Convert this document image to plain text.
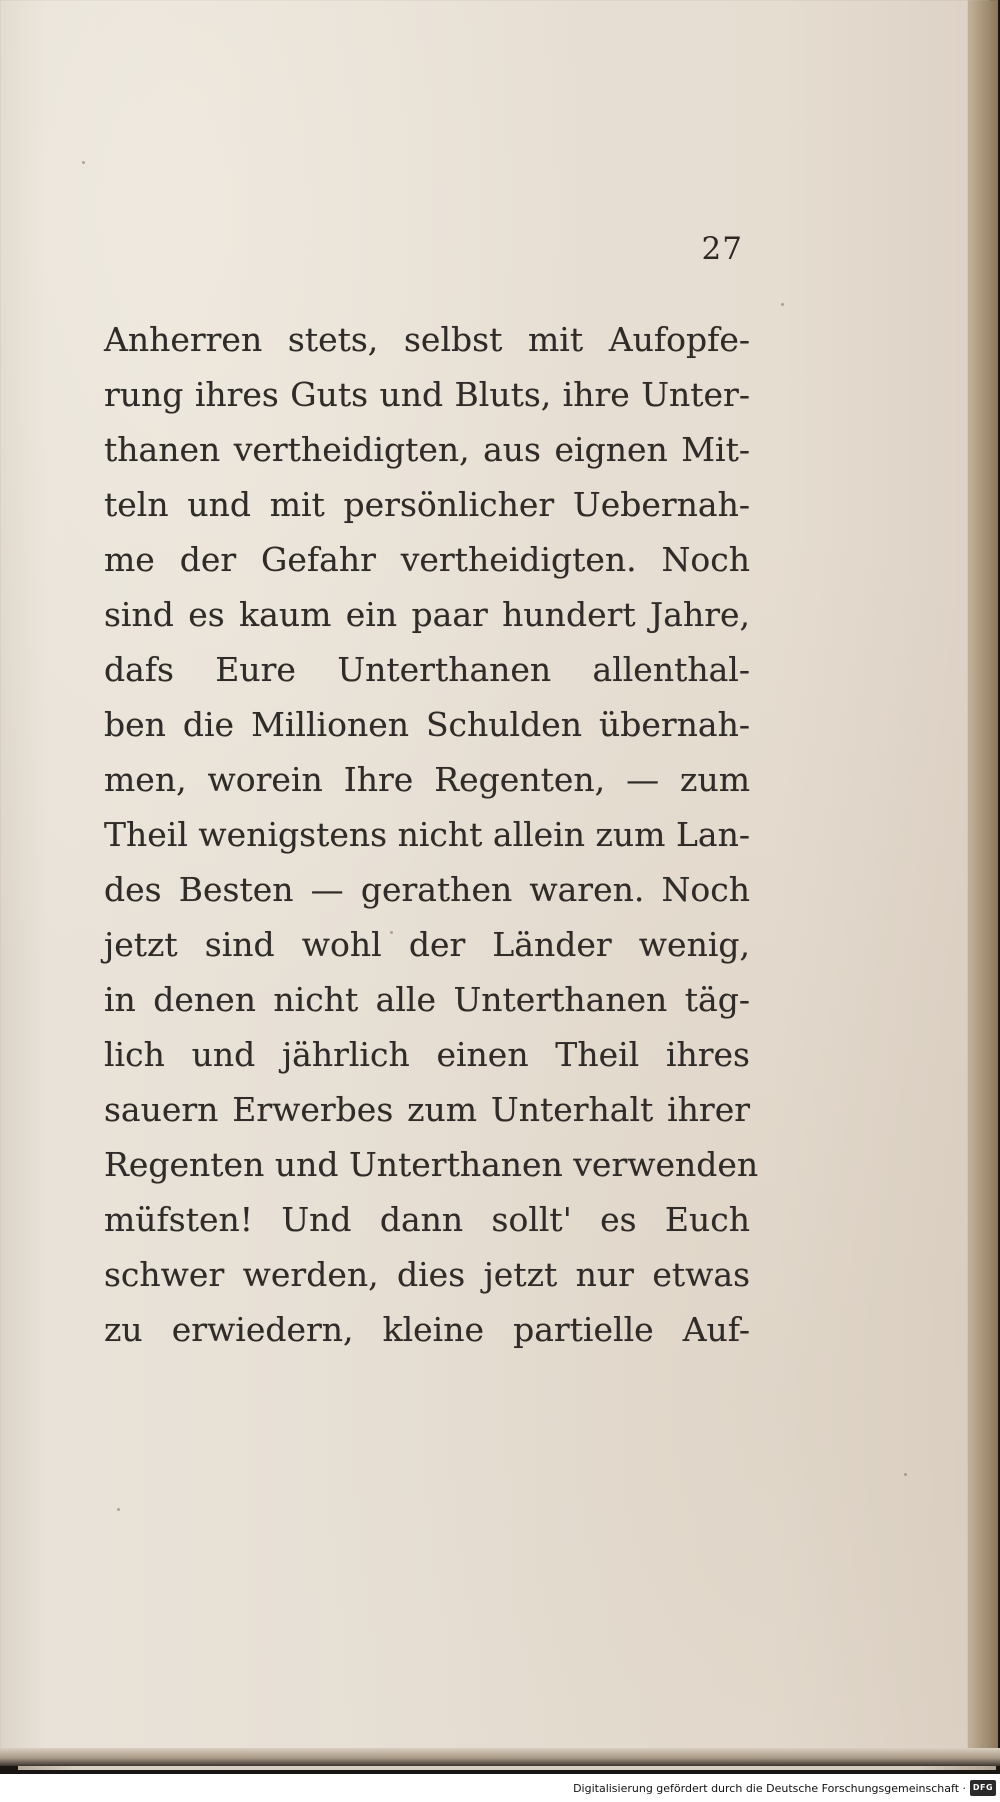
27
Anherren stets, selbst mit Aufopfe-
rung ihres Guts und Bluts, ihre Unter-
thanen vertheidigten, aus eignen Mit-
teln und mit persönlicher Uebernah-
me der Gefahr vertheidigten. Noch
sind es kaum ein paar hundert Jahre,
dafs Eure Unterthanen allenthal-
ben die Millionen Schulden übernah-
men, worein Ihre Regenten, — zum
Theil wenigstens nicht allein zum Lan-
des Besten — gerathen waren. Noch
jetzt sind wohl der Länder wenig,
in denen nicht alle Unterthanen täg-
lich und jährlich einen Theil ihres
sauern Erwerbes zum Unterhalt ihrer
Regenten und Unterthanen verwenden
müfsten! Und dann sollt' es Euch
schwer werden, dies jetzt nur etwas
zu erwiedern, kleine partielle Auf-
Digitalisierung gefördert durch die Deutsche Forschungsgemeinschaft · DFG
